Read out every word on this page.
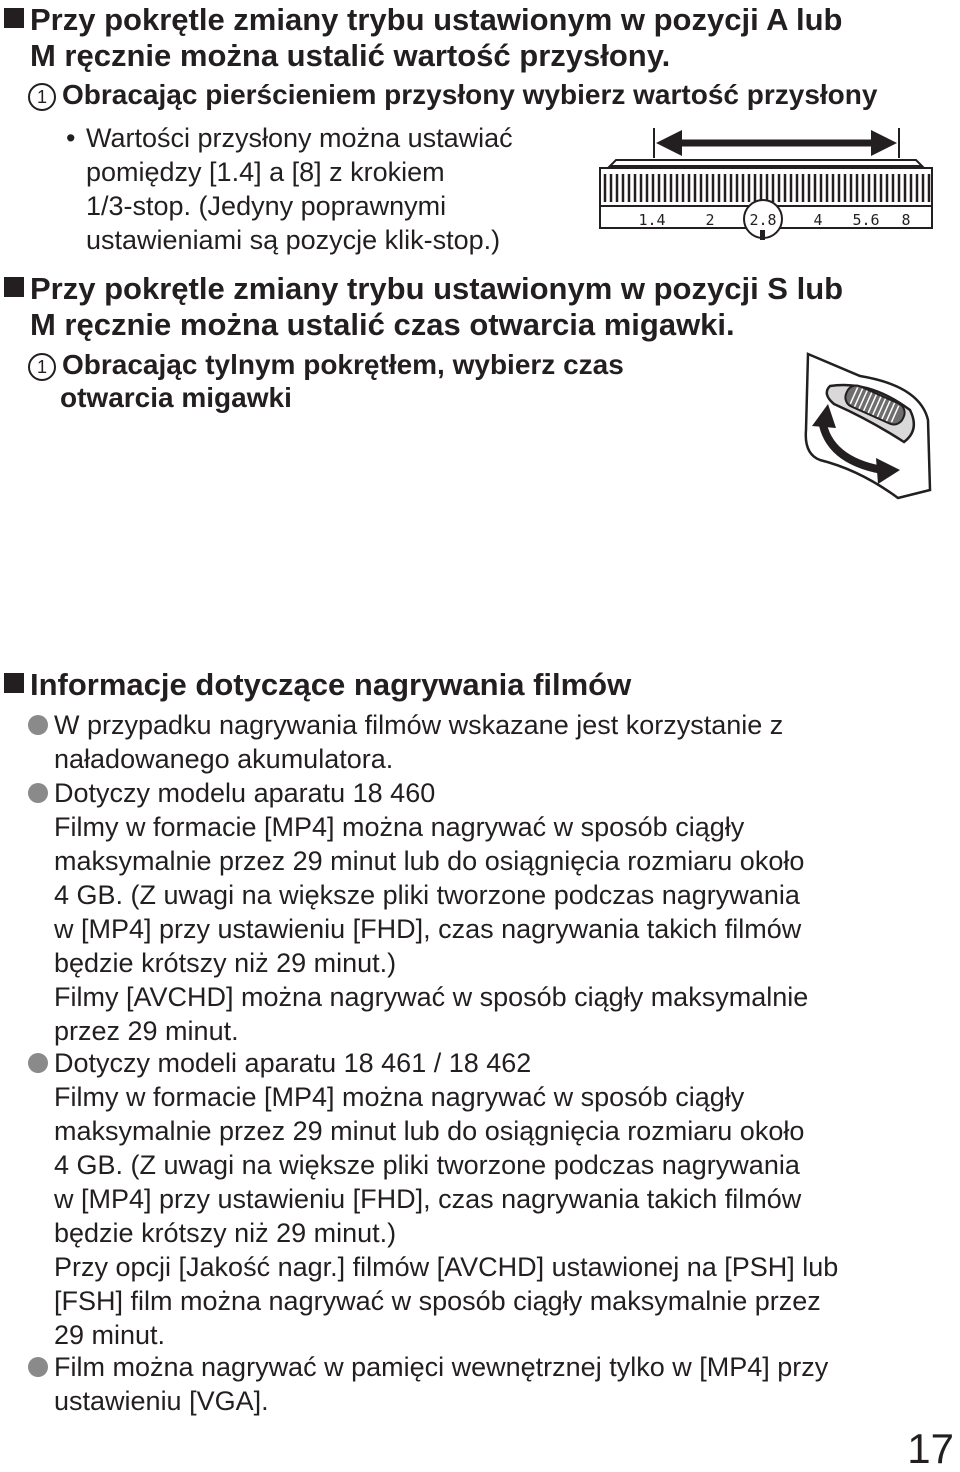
Przy pokrętle zmiany trybu ustawionym w pozycji A lub
M ręcznie można ustalić wartość przysłony.
1 Obracając pierścieniem przysłony wybierz wartość przysłony
• Wartości przysłony można ustawiać
pomiędzy [1.4] a [8] z krokiem
1/3-stop. (Jedyny poprawnymi
ustawieniami są pozycje klik-stop.)
1.4	2 2.8 4 5.6 8
Przy pokrętle zmiany trybu ustawionym w pozycji S lub
M ręcznie można ustalić czas otwarcia migawki.
1 Obracając tylnym pokrętłem, wybierz czas
otwarcia migawki
Informacje dotyczące nagrywania filmów
W przypadku nagrywania filmów wskazane jest korzystanie z
naładowanego akumulatora.
Dotyczy modelu aparatu 18 460
Filmy w formacie [MP4] można nagrywać w sposób ciągły
maksymalnie przez 29 minut lub do osiągnięcia rozmiaru około
4 GB. (Z uwagi na większe pliki tworzone podczas nagrywania
w [MP4] przy ustawieniu [FHD], czas nagrywania takich filmów
będzie krótszy niż 29 minut.)
Filmy [AVCHD] można nagrywać w sposób ciągły maksymalnie
przez 29 minut.
Dotyczy modeli aparatu 18 461 / 18 462
Filmy w formacie [MP4] można nagrywać w sposób ciągły
maksymalnie przez 29 minut lub do osiągnięcia rozmiaru około
4 GB. (Z uwagi na większe pliki tworzone podczas nagrywania
w [MP4] przy ustawieniu [FHD], czas nagrywania takich filmów
będzie krótszy niż 29 minut.)
Przy opcji [Jakość nagr.] filmów [AVCHD] ustawionej na [PSH] lub
[FSH] film można nagrywać w sposób ciągły maksymalnie przez
29 minut.
Film można nagrywać w pamięci wewnętrznej tylko w [MP4] przy
ustawieniu [VGA].
17
